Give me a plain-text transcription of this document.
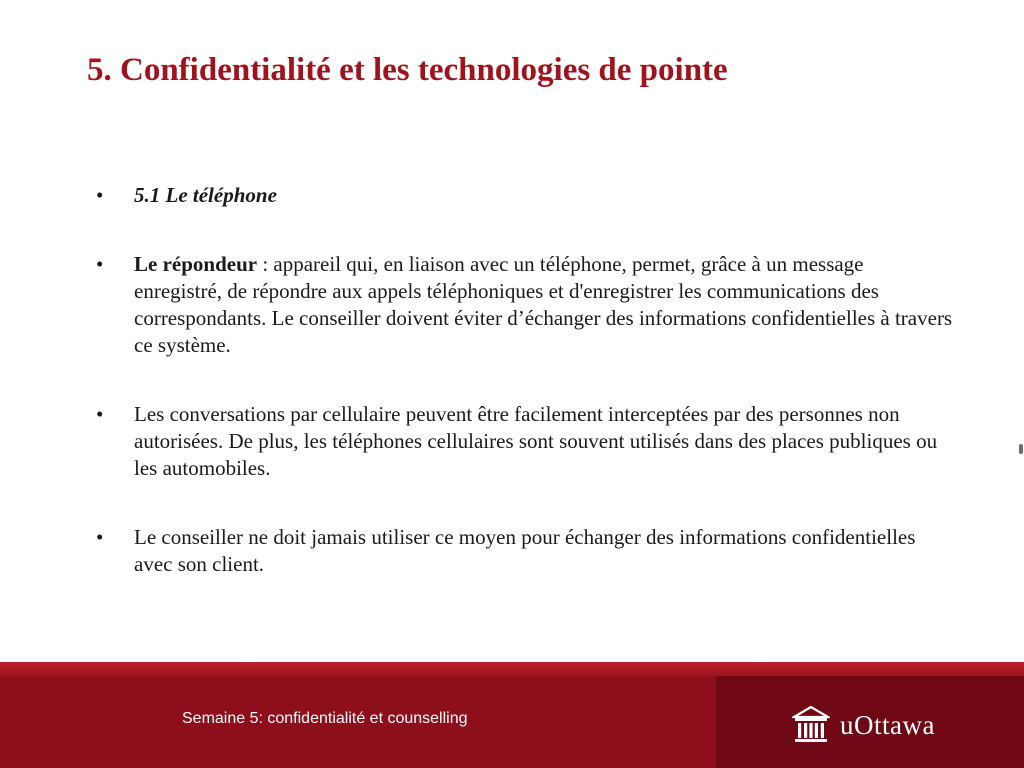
5. Confidentialité et les technologies de pointe
•	5.1 Le téléphone
•	Le répondeur : appareil qui, en liaison avec un téléphone, permet, grâce à un message enregistré, de répondre aux appels téléphoniques et d'enregistrer les communications des correspondants. Le conseiller doivent éviter d’échanger des informations confidentielles à travers ce système.
•	Les conversations par cellulaire peuvent être facilement interceptées par des personnes non autorisées. De plus, les téléphones cellulaires sont souvent utilisés dans des places publiques ou les automobiles.
•	Le conseiller ne doit jamais utiliser ce moyen pour échanger des informations confidentielles avec son client.
Semaine 5: confidentialité et counselling	uOttawa
